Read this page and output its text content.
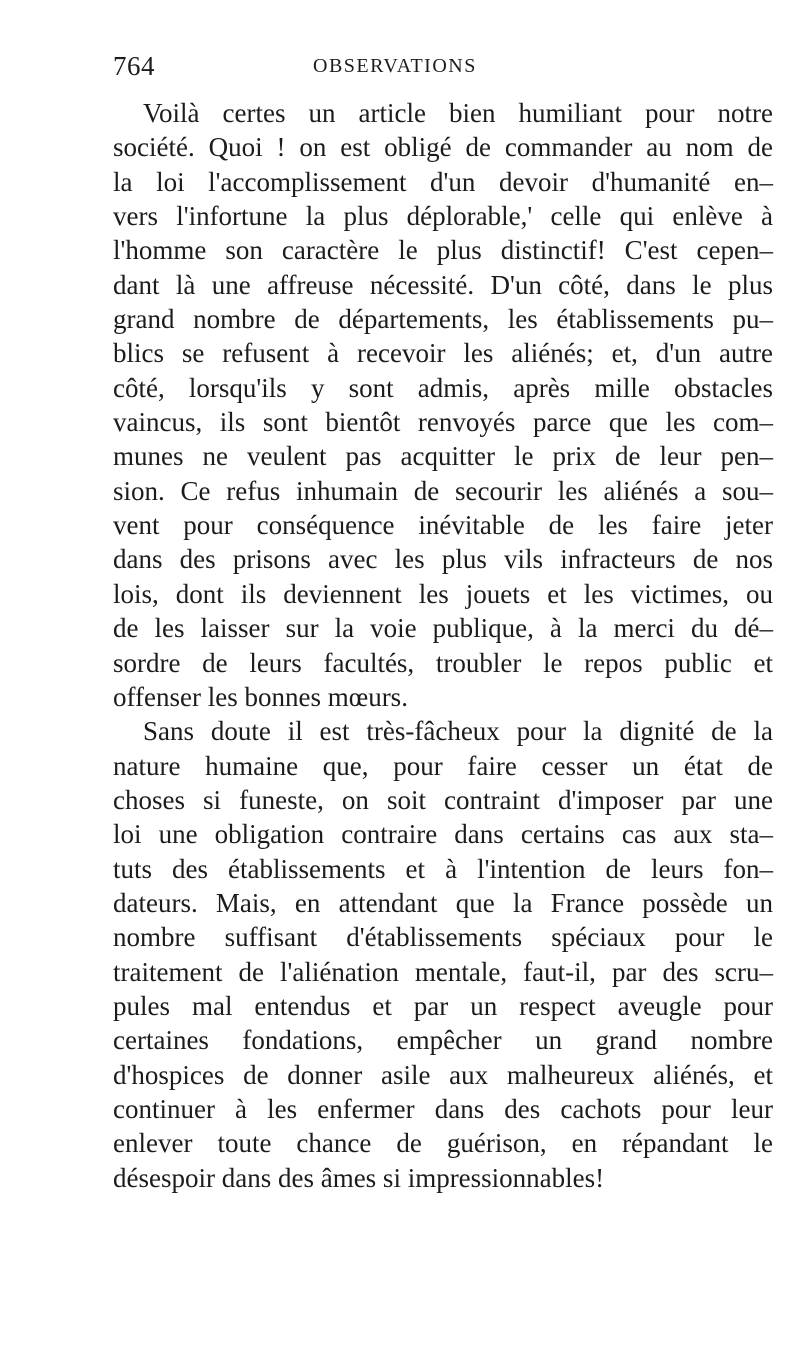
764	OBSERVATIONS
Voilà certes un article bien humiliant pour notre
société. Quoi ! on est obligé de commander au nom de
la loi l'accomplissement d'un devoir d'humanité en–
vers l'infortune la plus déplorable,' celle qui enlève à
l'homme son caractère le plus distinctif! C'est cepen–
dant là une affreuse nécessité. D'un côté, dans le plus
grand nombre de départements, les établissements pu–
blics se refusent à recevoir les aliénés; et, d'un autre
côté, lorsqu'ils y sont admis, après mille obstacles
vaincus, ils sont bientôt renvoyés parce que les com–
munes ne veulent pas acquitter le prix de leur pen–
sion. Ce refus inhumain de secourir les aliénés a sou–
vent pour conséquence inévitable de les faire jeter
dans des prisons avec les plus vils infracteurs de nos
lois, dont ils deviennent les jouets et les victimes, ou
de les laisser sur la voie publique, à la merci du dé–
sordre de leurs facultés, troubler le repos public et
offenser les bonnes mœurs.
Sans doute il est très-fâcheux pour la dignité de la
nature humaine que, pour faire cesser un état de
choses si funeste, on soit contraint d'imposer par une
loi une obligation contraire dans certains cas aux sta–
tuts des établissements et à l'intention de leurs fon–
dateurs. Mais, en attendant que la France possède un
nombre suffisant d'établissements spéciaux pour le
traitement de l'aliénation mentale, faut-il, par des scru–
pules mal entendus et par un respect aveugle pour
certaines fondations, empêcher un grand nombre
d'hospices de donner asile aux malheureux aliénés, et
continuer à les enfermer dans des cachots pour leur
enlever toute chance de guérison, en répandant le
désespoir dans des âmes si impressionnables!
